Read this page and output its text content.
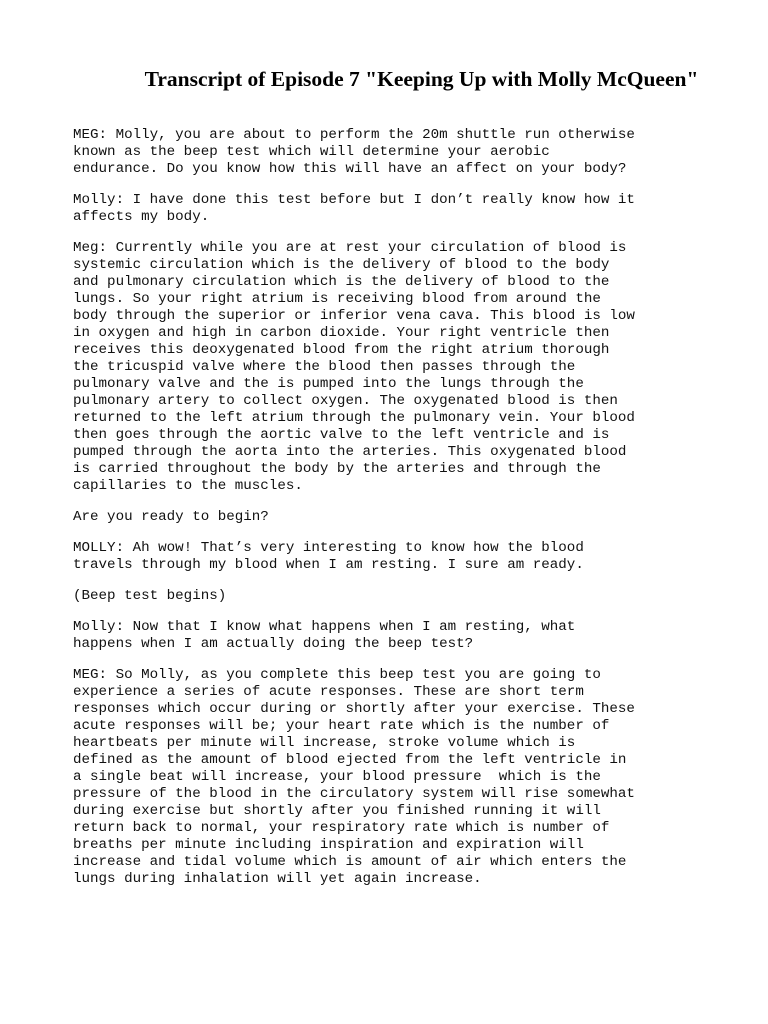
Transcript of Episode 7 "Keeping Up with Molly McQueen"

MEG: Molly, you are about to perform the 20m shuttle run otherwise
known as the beep test which will determine your aerobic
endurance. Do you know how this will have an affect on your body?

Molly: I have done this test before but I don’t really know how it
affects my body.

Meg: Currently while you are at rest your circulation of blood is
systemic circulation which is the delivery of blood to the body
and pulmonary circulation which is the delivery of blood to the
lungs. So your right atrium is receiving blood from around the
body through the superior or inferior vena cava. This blood is low
in oxygen and high in carbon dioxide. Your right ventricle then
receives this deoxygenated blood from the right atrium thorough
the tricuspid valve where the blood then passes through the
pulmonary valve and the is pumped into the lungs through the
pulmonary artery to collect oxygen. The oxygenated blood is then
returned to the left atrium through the pulmonary vein. Your blood
then goes through the aortic valve to the left ventricle and is
pumped through the aorta into the arteries. This oxygenated blood
is carried throughout the body by the arteries and through the
capillaries to the muscles.

Are you ready to begin?

MOLLY: Ah wow! That’s very interesting to know how the blood
travels through my blood when I am resting. I sure am ready.

(Beep test begins)

Molly: Now that I know what happens when I am resting, what
happens when I am actually doing the beep test?

MEG: So Molly, as you complete this beep test you are going to
experience a series of acute responses. These are short term
responses which occur during or shortly after your exercise. These
acute responses will be; your heart rate which is the number of
heartbeats per minute will increase, stroke volume which is
defined as the amount of blood ejected from the left ventricle in
a single beat will increase, your blood pressure  which is the
pressure of the blood in the circulatory system will rise somewhat
during exercise but shortly after you finished running it will
return back to normal, your respiratory rate which is number of
breaths per minute including inspiration and expiration will
increase and tidal volume which is amount of air which enters the
lungs during inhalation will yet again increase.
